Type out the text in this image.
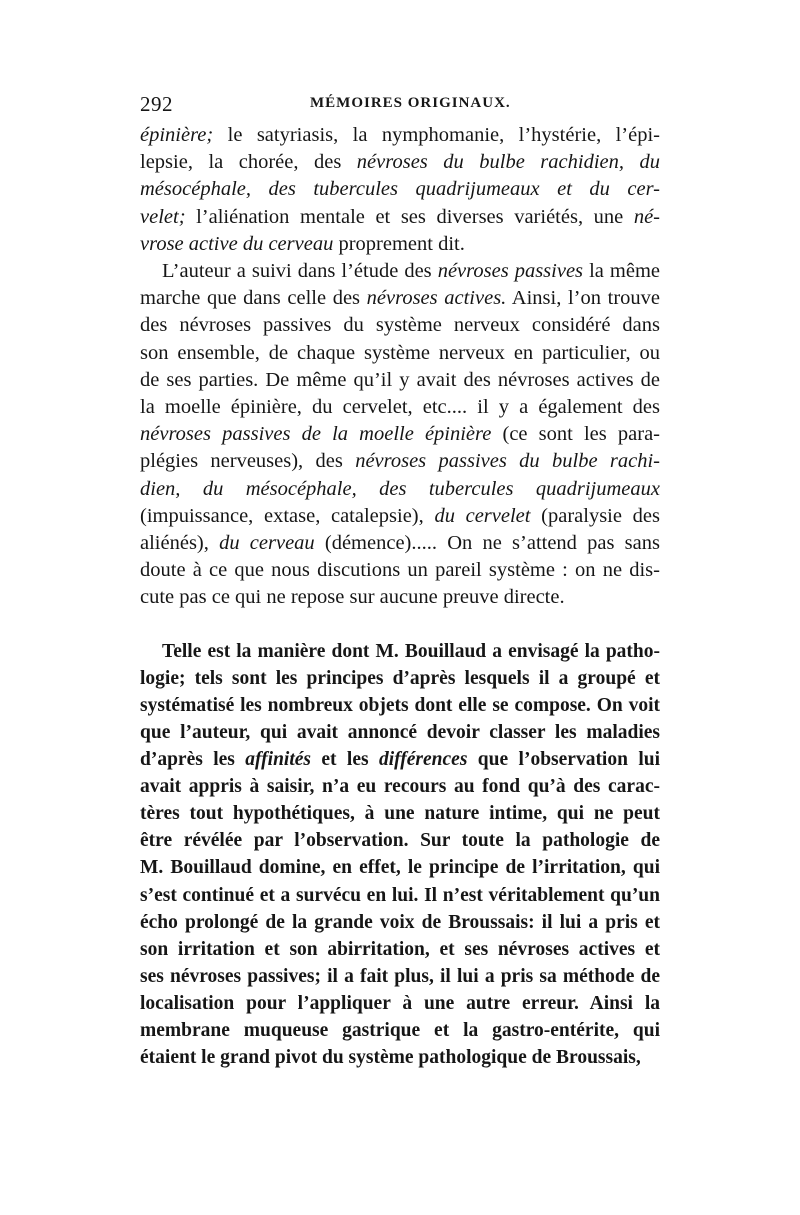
292	MÉMOIRES ORIGINAUX.
épinière; le satyriasis, la nymphomanie, l’hystérie, l’épi-
lepsie, la chorée, des névroses du bulbe rachidien, du
mésocéphale, des tubercules quadrijumeaux et du cer-
velet; l’aliénation mentale et ses diverses variétés, une né-
vrose active du cerveau proprement dit.
L’auteur a suivi dans l’étude des névroses passives la même
marche que dans celle des névroses actives. Ainsi, l’on trouve
des névroses passives du système nerveux considéré dans
son ensemble, de chaque système nerveux en particulier, ou
de ses parties. De même qu’il y avait des névroses actives de
la moelle épinière, du cervelet, etc.... il y a également des
névroses passives de la moelle épinière (ce sont les para-
plégies nerveuses), des névroses passives du bulbe rachi-
dien, du mésocéphale, des tubercules quadrijumeaux
(impuissance, extase, catalepsie), du cervelet (paralysie des
aliénés), du cerveau (démence)..... On ne s’attend pas sans
doute à ce que nous discutions un pareil système : on ne dis-
cute pas ce qui ne repose sur aucune preuve directe.
Telle est la manière dont M. Bouillaud a envisagé la patho-
logie; tels sont les principes d’après lesquels il a groupé et
systématisé les nombreux objets dont elle se compose. On voit
que l’auteur, qui avait annoncé devoir classer les maladies
d’après les affinités et les différences que l’observation lui
avait appris à saisir, n’a eu recours au fond qu’à des carac-
tères tout hypothétiques, à une nature intime, qui ne peut
être révélée par l’observation. Sur toute la pathologie de
M. Bouillaud domine, en effet, le principe de l’irritation, qui
s’est continué et a survécu en lui. Il n’est véritablement qu’un
écho prolongé de la grande voix de Broussais: il lui a pris et
son irritation et son abirritation, et ses névroses actives et
ses névroses passives; il a fait plus, il lui a pris sa méthode de
localisation pour l’appliquer à une autre erreur. Ainsi la
membrane muqueuse gastrique et la gastro-entérite, qui
étaient le grand pivot du système pathologique de Broussais,
